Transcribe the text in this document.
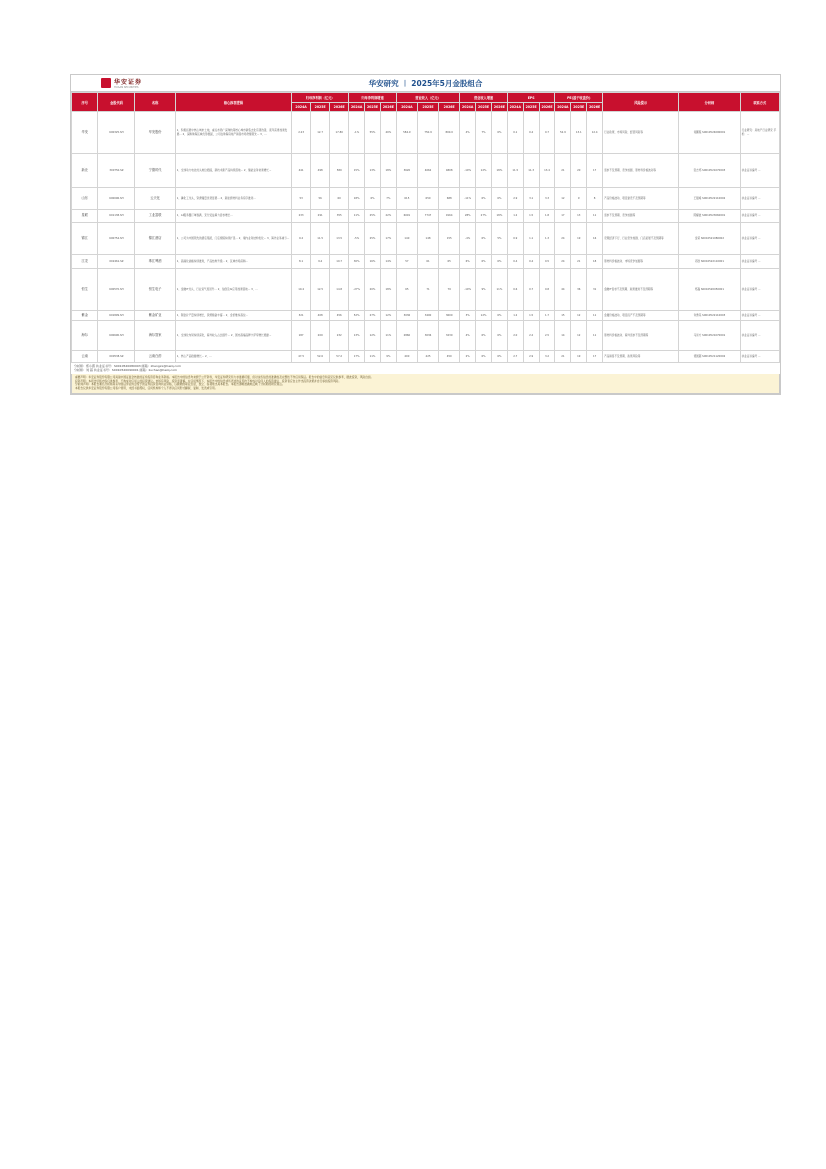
华安证券
HUAAN SECURITIES	华安研究 ︱ 2025年5月金股组合
序号	金股代码	名称	核心推荐逻辑	归母净利润（亿元）			归母净利润增速			营业收入（亿元）			营业收入增速			EPS			PE(基于收盘价)			风险提示	分析师	联系方式
				2024A	2025E	2026E	2024A	2025E	2026E	2024A	2025E	2026E	2024A	2025E	2026E	2024A	2025E	2026E	2024A	2025E	2026E			
华发	600325.SH	华发股份	1、积极拓展中核心城市土地，重点布局广深珠杭等核心城市销售去化有望改善，逐年获得加速发展... 2、深耕珠海区域优势稳固，公司在珠海房地产销售市场份额领先... 3、...	2.23	12.7	17.80	-1%	55%	40%	584.9	750.9	800.0	4%	7%	6%	0.1	0.4	0.7	52.9	13.1	12.4	行业政策、市场风险、经营风险等	何鹏程 S0010524090001	行业研究：房地产行业研究 手机：...
新北	300750.SZ	宁德时代	1、全球动力电池龙头地位稳固，新技术新产品持续落地... 2、储能业务快速增长...	441	498	589	15%	13%	18%	3620	4062	4808	-10%	12%	18%	11.5	11.3	13.4	21	20	17	需求不及预期、竞争加剧、原材料价格波动等	张志邦 S0010521070003	执业证书编号 ...
山东	600096.SH	云天化	1、磷化工龙头，资源储量优势显著... 2、新能源材料业务有序推进...	53	56	60	18%	6%	7%	615	650	688	-11%	6%	6%	2.9	3.1	3.3	12	9	8	产品价格波动、项目建设不及预期等	王强峰 S0010522110002	执业证书编号 ...
星联	601138.SH	工业富联	1、AI服务器订单饱满，充分受益算力需求增长...	233	291	355	11%	25%	22%	6091	7747	9164	28%	27%	18%	1.2	1.5	1.8	17	13	11	需求不及预期、竞争加剧等	陈耀波 S0010523060001	执业证书编号 ...
锦江	600754.SH	锦江酒店	1、公司为中国领先的酒店集团，门店规模持续扩张... 2、境内业务结构优化... 3、海外业务减亏...	9.2	11.5	13.5	-5%	25%	17%	140	148	155	-4%	6%	5%	0.9	1.1	1.3	24	19	16	宏观经济下行、行业竞争加剧、门店拓展不及预期等	金荣 S0010521080002	执业证书编号 ...
江龙	002461.SZ	珠江啤酒	1、高端化战略持续推进，产品结构升级... 2、区域市场深耕...	8.1	9.4	10.7	30%	16%	14%	57	61	65	6%	6%	6%	0.4	0.4	0.5	24	21	18	原材料价格波动、市场竞争加剧等	邓欣 S0010522110001	执业证书编号 ...
恒生	600570.SH	恒生电子	1、金融IT龙头，行业景气度回升... 2、信创及AI应用加速落地... 3、...	10.4	12.5	14.8	-27%	20%	18%	65	71	79	-10%	9%	11%	0.6	0.7	0.8	44	36	31	金融IT需求不及预期、政策推进不及预期等	郑磊 S0010520050001	执业证书编号 ...
紫金	601899.SH	紫金矿业	1、铜金矿产量持续增长，资源储备丰富... 2、金价维持高位...	321	408	456	52%	27%	12%	3036	3400	3600	3%	12%	6%	1.2	1.5	1.7	15	12	11	金属价格波动、项目投产不及预期等	许勇其 S0010522110003	执业证书编号 ...
海尔	600690.SH	海尔智家	1、全球化布局持续深化，海外收入占比提升... 2、国内高端品牌卡萨帝增长稳健...	187	209	232	13%	12%	11%	2860	3036	3230	4%	6%	6%	2.0	2.2	2.5	14	12	11	原材料价格波动、海外需求不及预期等	马远方 S0010521070001	执业证书编号 ...
云南	000538.SZ	云南白药	1、核心产品稳健增长... 2、...	47.5	52.6	57.2	17%	11%	9%	400	425	450	2%	6%	6%	2.7	2.9	3.2	21	19	17	产品销售不及预期、政策风险等	谭国超 S0010521120002	执业证书编号 ...
分析师：郑小霞 执业证书号：S0010520080003 邮箱：zhengxx@hazq.com
分析师：刘 超 执业证书号：S0010520090001 邮箱：liuchao@hazq.com

重要声明：华安证券股份有限公司具备中国证监会核准的证券投资咨询业务资格。本报告中的信息均来源于公开资料，华安证券研究所力求准确可靠，但对这些信息的准确性及完整性不作任何保证。报告中的信息和意见仅供参考，据此投资，风险自担。

投资声明：本报告所载内容仅供参考，不构成对任何人的投资建议。市场有风险，投资需谨慎。在任何情况下，本报告中的信息或所表述的意见均不构成对任何人的投资建议，投资者应自主作出投资决策并自行承担投资风险。

分析师声明：本报告署名分析师具有中国证券业协会授予的证券投资咨询执业资格，以勤勉的职业态度，独立、客观地出具本报告。本报告清晰准确地反映了分析师的研究观点。

本报告仅供华安证券股份有限公司客户使用，未经书面授权，任何机构和个人不得以任何形式翻版、复制、发表或引用。
